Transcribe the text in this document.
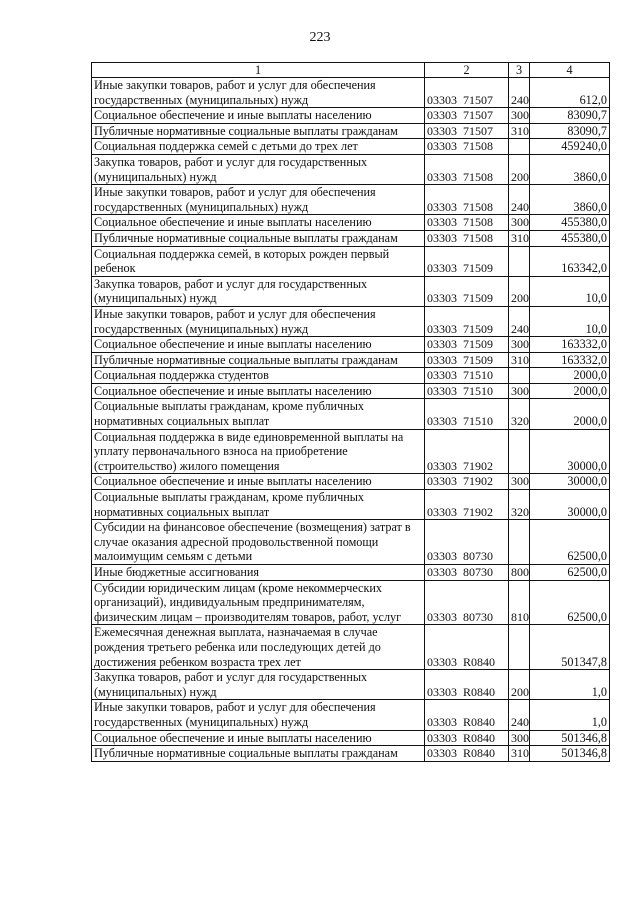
223
1	2	3	4
Иные закупки товаров, работ и услуг для обеспечения государственных (муниципальных) нужд	03303  71507	240	612,0
Социальное обеспечение и иные выплаты населению	03303  71507	300	83090,7
Публичные нормативные социальные выплаты гражданам	03303  71507	310	83090,7
Социальная поддержка семей с детьми до трех лет	03303  71508		459240,0
Закупка товаров, работ и услуг для государственных (муниципальных) нужд	03303  71508	200	3860,0
Иные закупки товаров, работ и услуг для обеспечения государственных (муниципальных) нужд	03303  71508	240	3860,0
Социальное обеспечение и иные выплаты населению	03303  71508	300	455380,0
Публичные нормативные социальные выплаты гражданам	03303  71508	310	455380,0
Социальная поддержка семей, в которых рожден первый ребенок	03303  71509		163342,0
Закупка товаров, работ и услуг для государственных (муниципальных) нужд	03303  71509	200	10,0
Иные закупки товаров, работ и услуг для обеспечения государственных (муниципальных) нужд	03303  71509	240	10,0
Социальное обеспечение и иные выплаты населению	03303  71509	300	163332,0
Публичные нормативные социальные выплаты гражданам	03303  71509	310	163332,0
Социальная поддержка студентов	03303  71510		2000,0
Социальное обеспечение и иные выплаты населению	03303  71510	300	2000,0
Социальные выплаты гражданам, кроме публичных нормативных социальных выплат	03303  71510	320	2000,0
Социальная поддержка в виде единовременной выплаты на уплату первоначального взноса на приобретение (строительство) жилого помещения	03303  71902		30000,0
Социальное обеспечение и иные выплаты населению	03303  71902	300	30000,0
Социальные выплаты гражданам, кроме публичных нормативных социальных выплат	03303  71902	320	30000,0
Субсидии на финансовое обеспечение (возмещения) затрат в случае оказания адресной продовольственной помощи малоимущим семьям с детьми	03303  80730		62500,0
Иные бюджетные ассигнования	03303  80730	800	62500,0
Субсидии юридическим лицам (кроме некоммерческих организаций), индивидуальным предпринимателям, физическим лицам – производителям товаров, работ, услуг	03303  80730	810	62500,0
Ежемесячная денежная выплата, назначаемая в случае рождения третьего ребенка или последующих детей до достижения ребенком возраста трех лет	03303  R0840		501347,8
Закупка товаров, работ и услуг для государственных (муниципальных) нужд	03303  R0840	200	1,0
Иные закупки товаров, работ и услуг для обеспечения государственных (муниципальных) нужд	03303  R0840	240	1,0
Социальное обеспечение и иные выплаты населению	03303  R0840	300	501346,8
Публичные нормативные социальные выплаты гражданам	03303  R0840	310	501346,8
